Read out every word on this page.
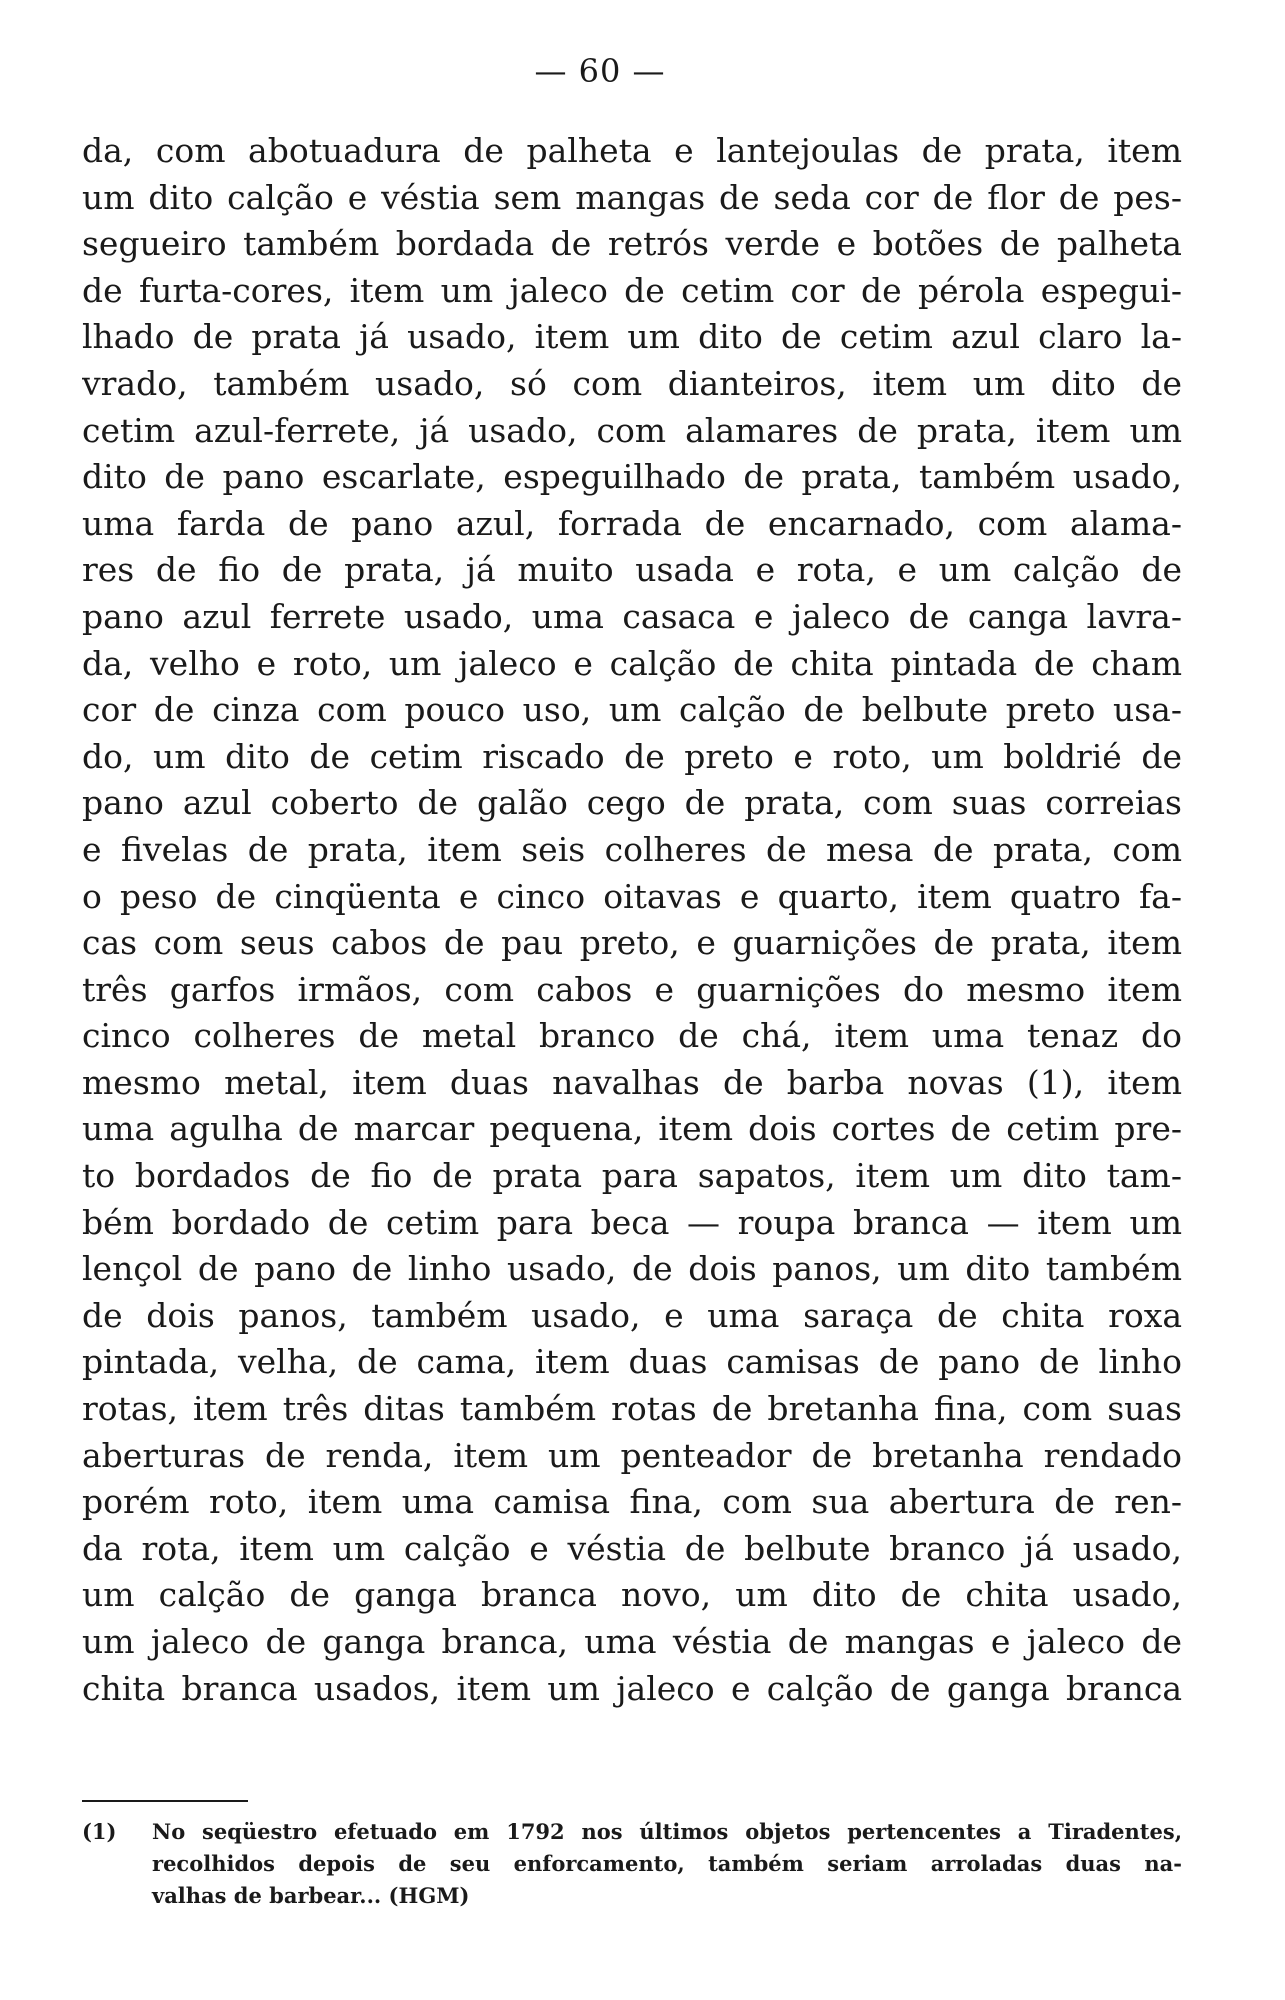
— 60 —
da, com abotuadura de palheta e lantejoulas de prata, item
um dito calção e véstia sem mangas de seda cor de flor de pes-
segueiro também bordada de retrós verde e botões de palheta
de furta-cores, item um jaleco de cetim cor de pérola espegui-
lhado de prata já usado, item um dito de cetim azul claro la-
vrado, também usado, só com dianteiros, item um dito de
cetim azul-ferrete, já usado, com alamares de prata, item um
dito de pano escarlate, espeguilhado de prata, também usado,
uma farda de pano azul, forrada de encarnado, com alama-
res de fio de prata, já muito usada e rota, e um calção de
pano azul ferrete usado, uma casaca e jaleco de canga lavra-
da, velho e roto, um jaleco e calção de chita pintada de cham
cor de cinza com pouco uso, um calção de belbute preto usa-
do, um dito de cetim riscado de preto e roto, um boldrié de
pano azul coberto de galão cego de prata, com suas correias
e fivelas de prata, item seis colheres de mesa de prata, com
o peso de cinqüenta e cinco oitavas e quarto, item quatro fa-
cas com seus cabos de pau preto, e guarnições de prata, item
três garfos irmãos, com cabos e guarnições do mesmo item
cinco colheres de metal branco de chá, item uma tenaz do
mesmo metal, item duas navalhas de barba novas (1), item
uma agulha de marcar pequena, item dois cortes de cetim pre-
to bordados de fio de prata para sapatos, item um dito tam-
bém bordado de cetim para beca — roupa branca — item um
lençol de pano de linho usado, de dois panos, um dito também
de dois panos, também usado, e uma saraça de chita roxa
pintada, velha, de cama, item duas camisas de pano de linho
rotas, item três ditas também rotas de bretanha fina, com suas
aberturas de renda, item um penteador de bretanha rendado
porém roto, item uma camisa fina, com sua abertura de ren-
da rota, item um calção e véstia de belbute branco já usado,
um calção de ganga branca novo, um dito de chita usado,
um jaleco de ganga branca, uma véstia de mangas e jaleco de
chita branca usados, item um jaleco e calção de ganga branca
(1)	No seqüestro efetuado em 1792 nos últimos objetos pertencentes a Tiradentes,
recolhidos depois de seu enforcamento, também seriam arroladas duas na-
valhas de barbear... (HGM)
